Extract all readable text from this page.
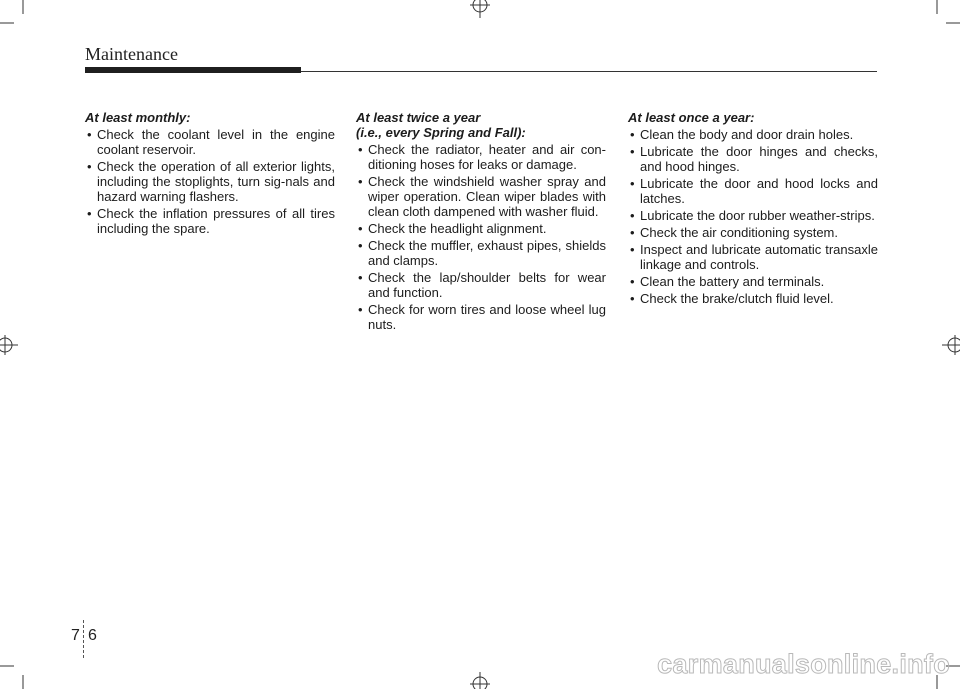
Maintenance
At least monthly:
• Check the coolant level in the engine coolant reservoir.
• Check the operation of all exterior lights, including the stoplights, turn sig-nals and hazard warning flashers.
• Check the inflation pressures of all tires including the spare.
At least twice a year
(i.e., every Spring and Fall):
• Check the radiator, heater and air con-ditioning hoses for leaks or damage.
• Check the windshield washer spray and wiper operation. Clean wiper blades with clean cloth dampened with washer fluid.
• Check the headlight alignment.
• Check the muffler, exhaust pipes, shields and clamps.
• Check the lap/shoulder belts for wear and function.
• Check for worn tires and loose wheel lug nuts.
At least once a year:
• Clean the body and door drain holes.
• Lubricate the door hinges and checks, and hood hinges.
• Lubricate the door and hood locks and latches.
• Lubricate the door rubber weather-strips.
• Check the air conditioning system.
• Inspect and lubricate automatic transaxle linkage and controls.
• Clean the battery and terminals.
• Check the brake/clutch fluid level.
7 6
carmanualsonline.info
